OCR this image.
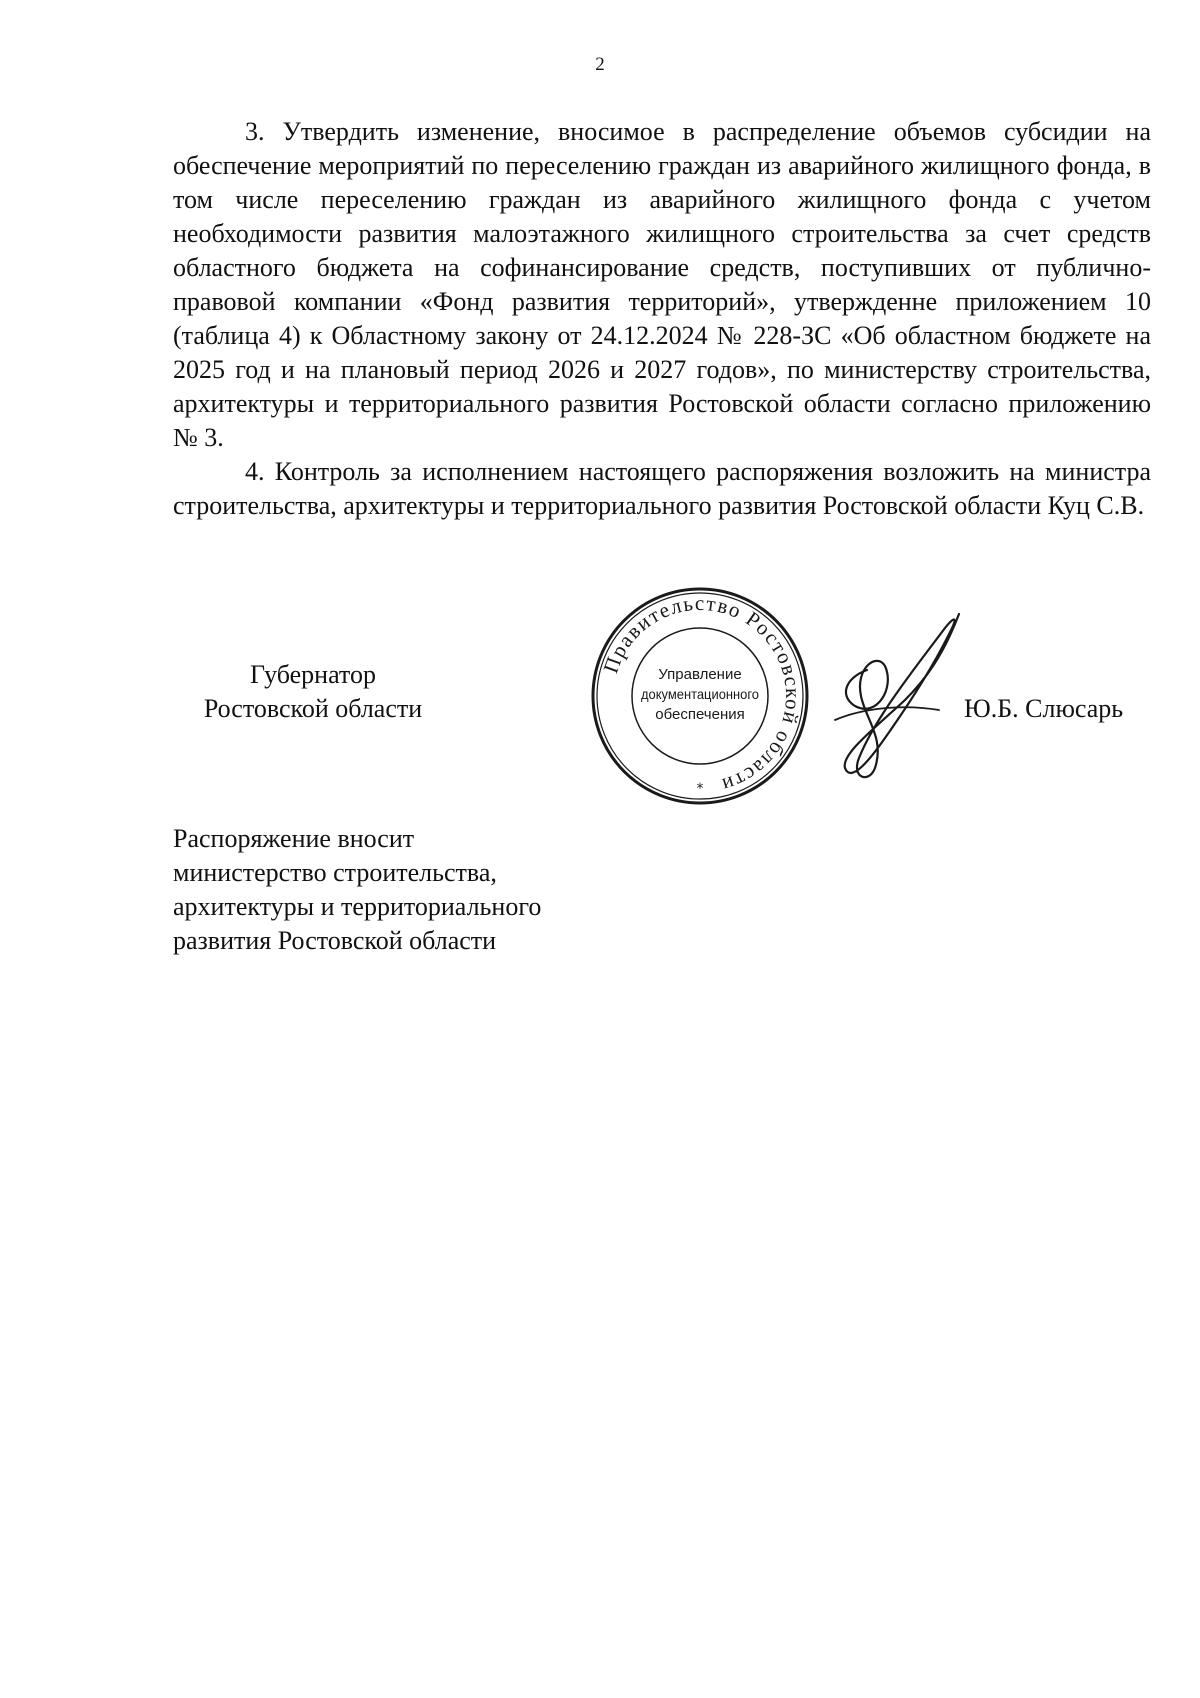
2

3. Утвердить изменение, вносимое в распределение объемов субсидии на обеспечение мероприятий по переселению граждан из аварийного жилищного фонда, в том числе переселению граждан из аварийного жилищного фонда с учетом необходимости развития малоэтажного жилищного строительства за счет средств областного бюджета на софинансирование средств, поступивших от публично-правовой компании «Фонд развития территорий», утвержденне приложением 10 (таблица 4) к Областному закону от 24.12.2024 № 228-ЗС «Об областном бюджете на 2025 год и на плановый период 2026 и 2027 годов», по министерству строительства, архитектуры и территориального развития Ростовской области согласно приложению № 3.

4. Контроль за исполнением настоящего распоряжения возложить на министра строительства, архитектуры и территориального развития Ростовской области Куц С.В.

Губернатор
Ростовской области
Правительство Ростовской области
Управление
документационного
обеспечения
*
Ю.Б. Слюсарь
Распоряжение вносит
министерство строительства,
архитектуры и территориального
развития Ростовской области
